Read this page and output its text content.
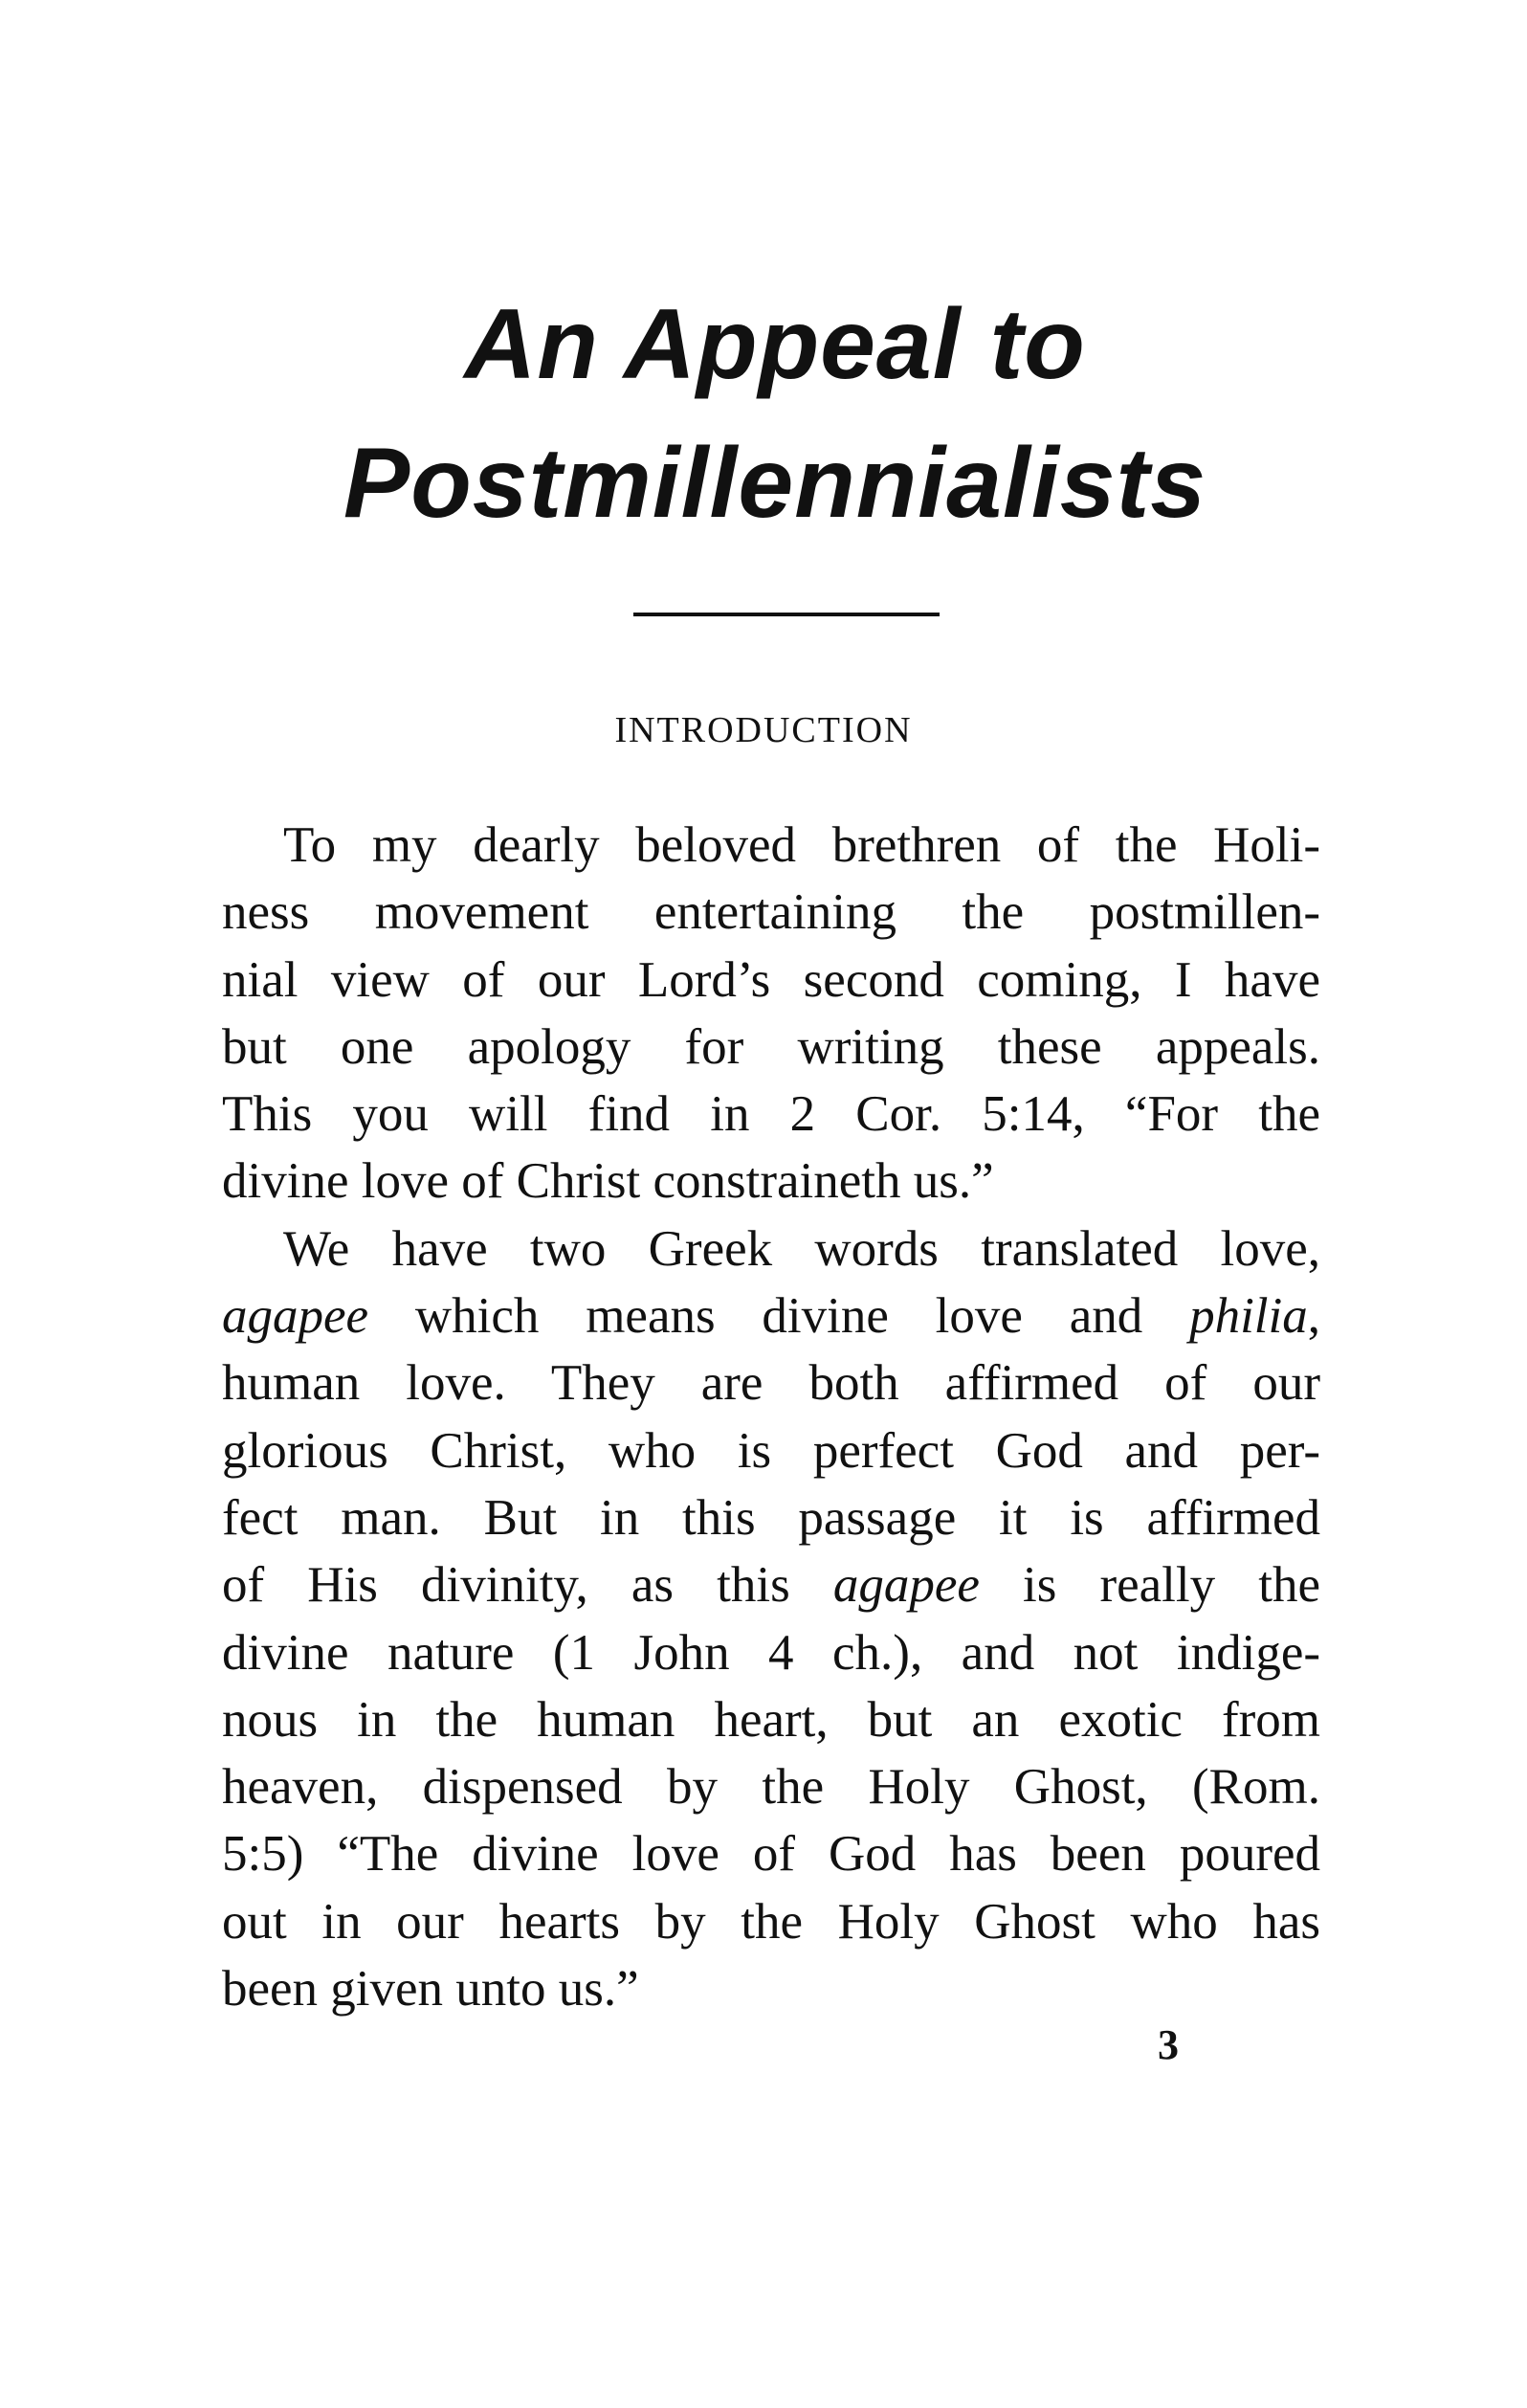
An Appeal to
Postmillennialists
INTRODUCTION

To my dearly beloved brethren of the Holi-
ness movement entertaining the postmillen-
nial view of our Lord’s second coming, I have
but one apology for writing these appeals.
This you will find in 2 Cor. 5:14, “For the
divine love of Christ constraineth us.”

We have two Greek words translated love,
agapee which means divine love and philia,
human love. They are both affirmed of our
glorious Christ, who is perfect God and per-
fect man. But in this passage it is affirmed
of His divinity, as this agapee is really the
divine nature (1 John 4 ch.), and not indige-
nous in the human heart, but an exotic from
heaven, dispensed by the Holy Ghost, (Rom.
5:5) “The divine love of God has been poured
out in our hearts by the Holy Ghost who has
been given unto us.”

3
